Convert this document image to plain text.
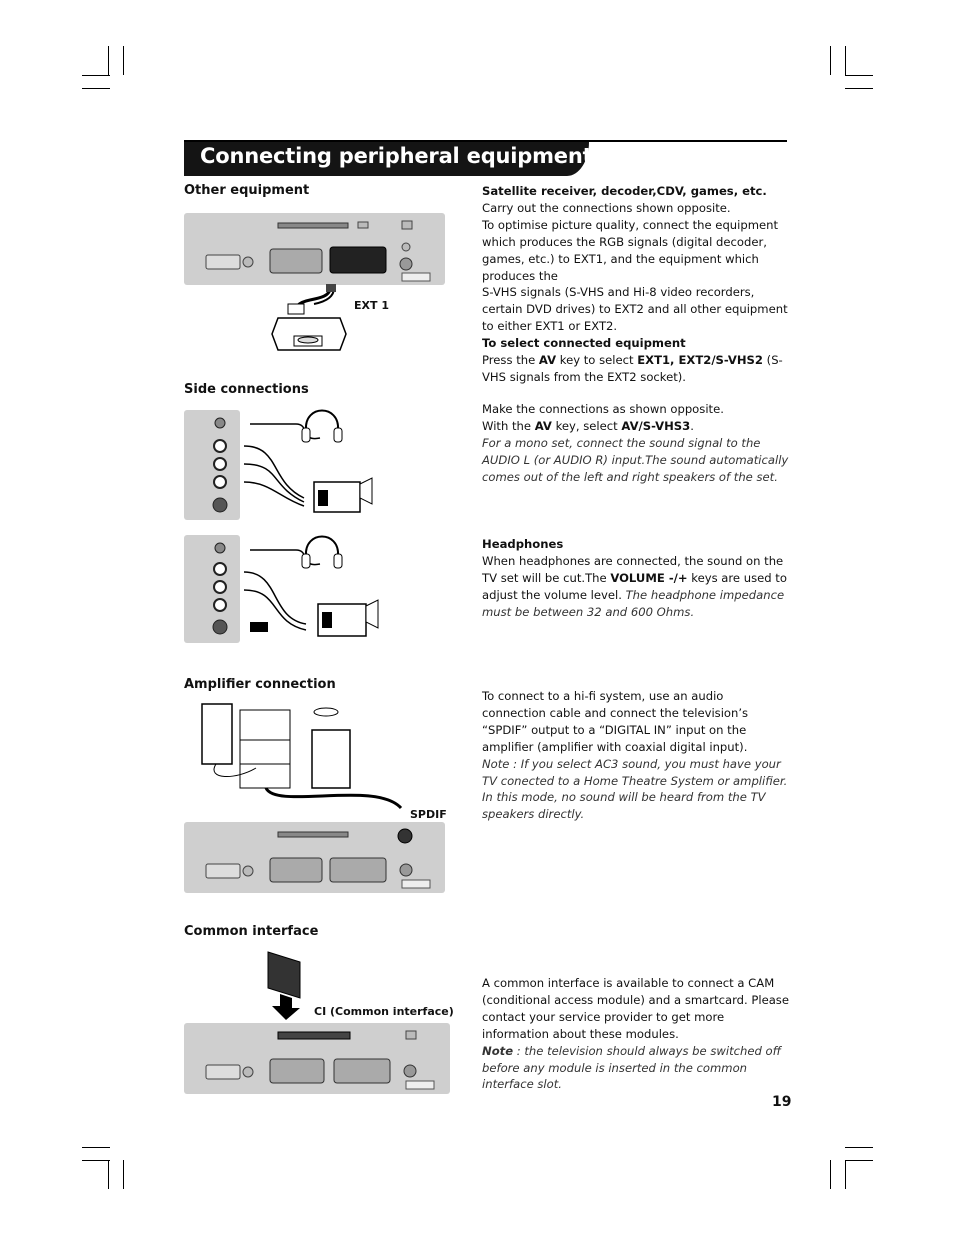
Connecting peripheral equipment
Other equipment
EXT 1

Satellite receiver, decoder,CDV, games, etc.

Carry out the connections shown opposite.

To optimise picture quality, connect the equipment which produces the RGB signals (digital decoder, games, etc.) to EXT1, and the equipment which produces the

S-VHS signals (S-VHS and Hi-8 video recorders, certain DVD drives) to EXT2 and all other equipment to either EXT1 or EXT2.

To select connected equipment

Press the AV key to select EXT1, EXT2/S-VHS2 (S-VHS signals from the EXT2 socket).

Side connections

Make the connections as shown opposite.

With the AV key, select AV/S-VHS3.

For a mono set, connect the sound signal to the AUDIO L (or AUDIO R) input.The sound automatically comes out of the left and right speakers of the set.

Headphones

When headphones are connected, the sound on the TV set will be cut.The VOLUME -/+ keys are used to adjust the volume level. The headphone impedance must be between 32 and 600 Ohms.

Amplifier connection
SPDIF

To connect to a hi-fi system, use an audio connection cable and connect the television’s “SPDIF” output to a “DIGITAL IN” input on the amplifier (amplifier with coaxial digital input).

Note : If you select AC3 sound, you must have your TV conected to a Home Theatre System or amplifier. In this mode, no sound will be heard from the TV speakers directly.

Common interface
CI (Common interface)

A common interface is available to connect a CAM (conditional access module) and a smartcard. Please contact your service provider to get more information about these modules.

Note : the television should always be switched off before any module is inserted in the common interface slot.

19
